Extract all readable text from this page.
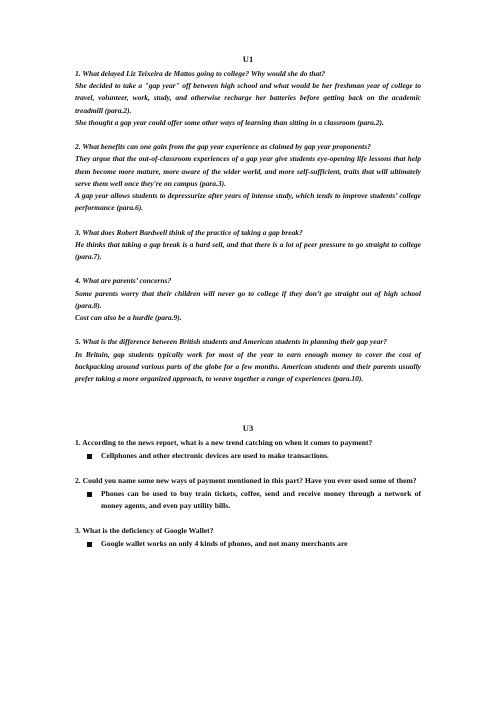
U1

1. What delayed Liz Teixeira de Mattos going to college? Why would she do that?

She decided to take a "gap year" off between high school and what would be her freshman year of college to travel, volunteer, work, study, and otherwise recharge her batteries before getting back on the academic treadmill (para.2).

She thought a gap year could offer some other ways of learning than sitting in a classroom (para.2).

2. What benefits can one gain from the gap year experience as claimed by gap year proponents?

They argue that the out-of-classroom experiences of a gap year give students eye-opening life lessons that help them become more mature, more aware of the wider world, and more self-sufficient, traits that will ultimately serve them well once they're on campus (para.3).

A gap year allows students to depressurize after years of intense study, which tends to improve students’ college performance (para.6).

3. What does Robert Bardwell think of the practice of taking a gap break?

He thinks that taking a gap break is a hard sell, and that there is a lot of peer pressure to go straight to college (para.7).

4. What are parents’ concerns?

Some parents worry that their children will never go to college if they don’t go straight out of high school (para.8).

Cost can also be a hurdle (para.9).

5. What is the difference between British students and American students in planning their gap year?

In Britain, gap students typically work for most of the year to earn enough money to cover the cost of backpacking around various parts of the globe for a few months. American students and their parents usually prefer taking a more organized approach, to weave together a range of experiences (para.10).

U3

1. According to the news report, what is a new trend catching on when it comes to payment?

Cellphones and other electronic devices are used to make transactions.

2. Could you name some new ways of payment mentioned in this part? Have you ever used some of them?

Phones can be used to buy train tickets, coffee, send and receive money through a network of money agents, and even pay utility bills.

3. What is the deficiency of Google Wallet?

Google wallet works on only 4 kinds of phones, and not many merchants are
